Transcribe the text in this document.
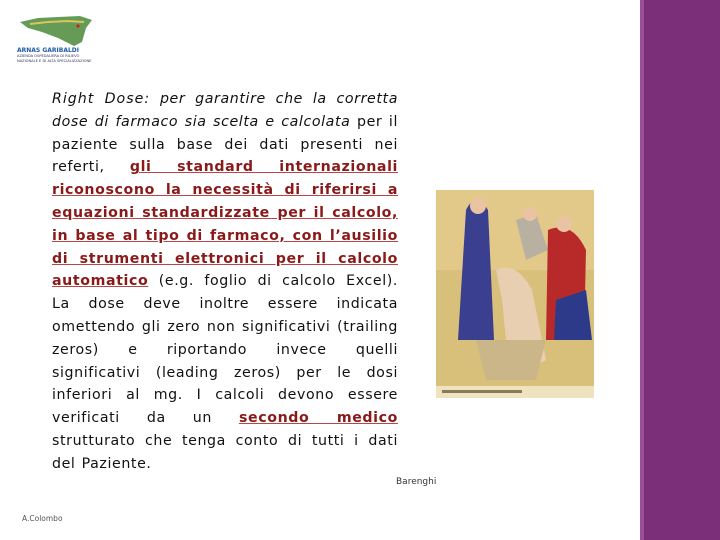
ARNAS GARIBALDI
AZIENDA OSPEDALIERA DI RILIEVO NAZIONALE E DI ALTA SPECIALIZZAZIONE
Right Dose: per garantire che la corretta dose di farmaco sia scelta e calcolata per il paziente sulla base dei dati presenti nei referti, gli standard internazionali riconoscono la necessità di riferirsi a equazioni standardizzate per il calcolo, in base al tipo di farmaco, con l’ausilio di strumenti elettronici per il calcolo automatico (e.g. foglio di calcolo Excel). La dose deve inoltre essere indicata omettendo gli zero non significativi (trailing zeros) e riportando invece quelli significativi (leading zeros) per le dosi inferiori al mg. I calcoli devono essere verificati da un secondo medico strutturato che tenga conto di tutti i dati del Paziente.
Barenghi
A.Colombo
